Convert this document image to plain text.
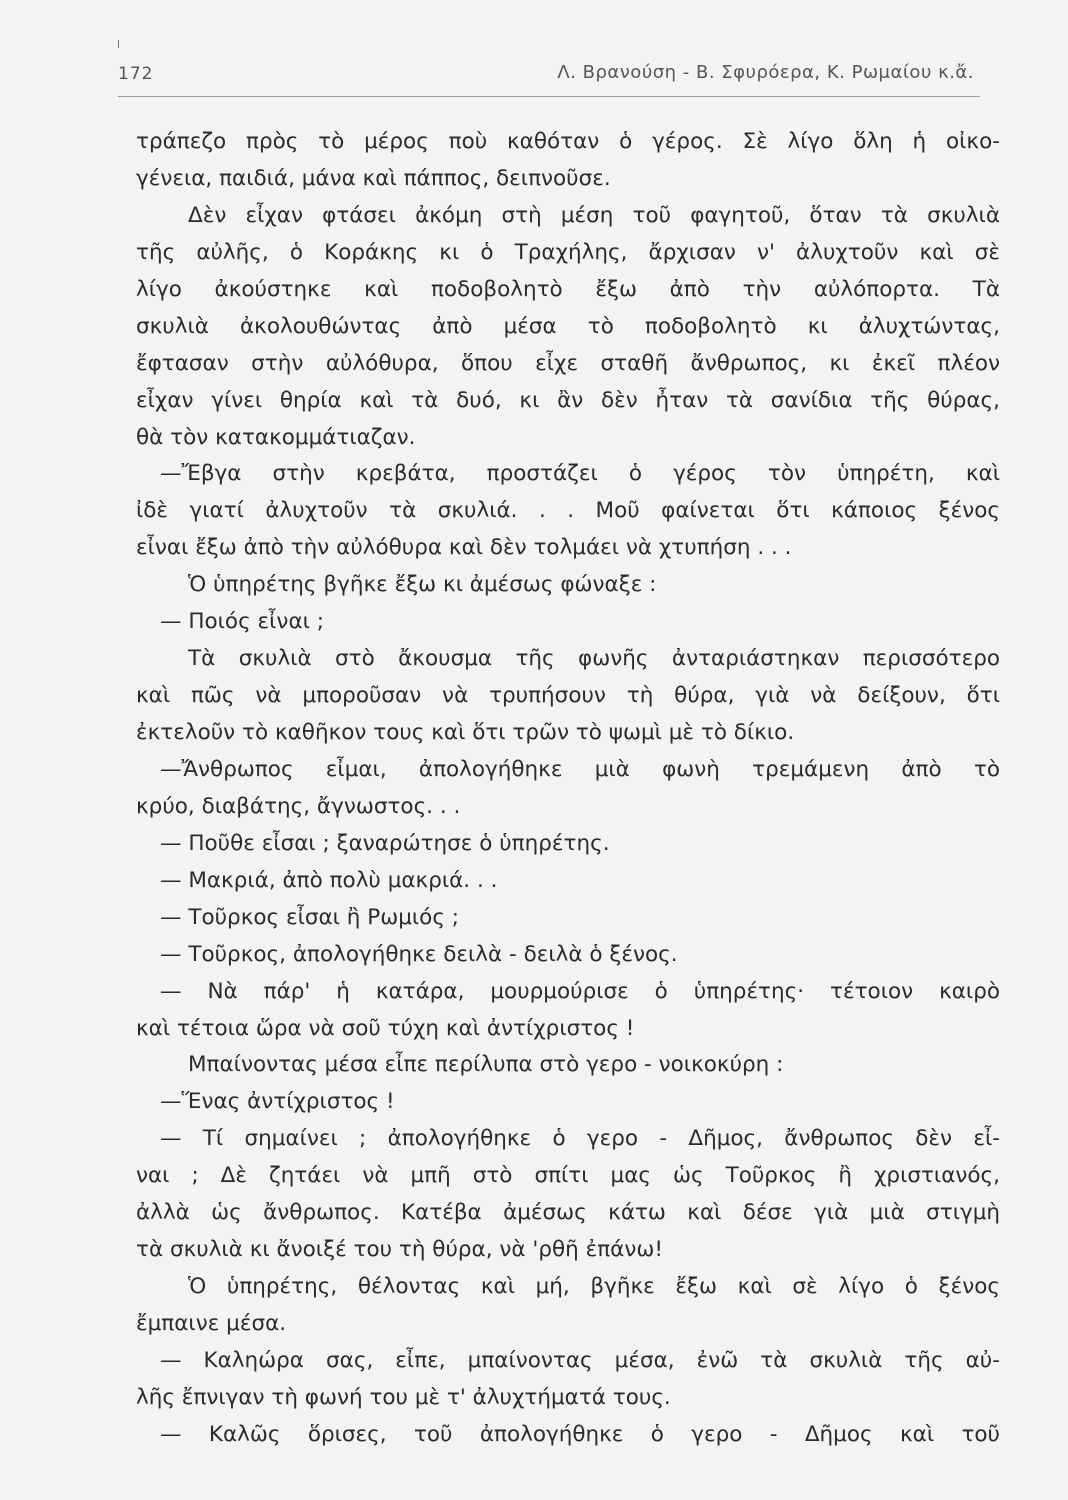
172	Λ. Βρανούση - Β. Σφυρόερα, Κ. Ρωμαίου κ.ἄ.
τράπεζο πρὸς τὸ μέρος ποὺ καθόταν ὁ γέρος. Σὲ λίγο ὅλη ἡ οἰκο-
γένεια, παιδιά, μάνα καὶ πάππος, δειπνοῦσε.
Δὲν εἶχαν φτάσει ἀκόμη στὴ μέση τοῦ φαγητοῦ, ὅταν τὰ σκυλιὰ
τῆς αὐλῆς, ὁ Κοράκης κι ὁ Τραχήλης, ἄρχισαν ν' ἀλυχτοῦν καὶ σὲ
λίγο ἀκούστηκε καὶ ποδοβολητὸ ἔξω ἀπὸ τὴν αὐλόπορτα. Τὰ
σκυλιὰ ἀκολουθώντας ἀπὸ μέσα τὸ ποδοβολητὸ κι ἀλυχτώντας,
ἔφτασαν στὴν αὐλόθυρα, ὅπου εἶχε σταθῆ ἄνθρωπος, κι ἐκεῖ πλέον
εἶχαν γίνει θηρία καὶ τὰ δυό, κι ἂν δὲν ἦταν τὰ σανίδια τῆς θύρας,
θὰ τὸν κατακομμάτιαζαν.
—Ἔβγα στὴν κρεβάτα, προστάζει ὁ γέρος τὸν ὑπηρέτη, καὶ
ἰδὲ γιατί ἀλυχτοῦν τὰ σκυλιά. . . Μοῦ φαίνεται ὅτι κάποιος ξένος
εἶναι ἔξω ἀπὸ τὴν αὐλόθυρα καὶ δὲν τολμάει νὰ χτυπήση . . .
Ὁ ὑπηρέτης βγῆκε ἔξω κι ἀμέσως φώναξε :
— Ποιός εἶναι ;
Τὰ σκυλιὰ στὸ ἄκουσμα τῆς φωνῆς ἀνταριάστηκαν περισσότερο
καὶ πῶς νὰ μποροῦσαν νὰ τρυπήσουν τὴ θύρα, γιὰ νὰ δείξουν, ὅτι
ἐκτελοῦν τὸ καθῆκον τους καὶ ὅτι τρῶν τὸ ψωμὶ μὲ τὸ δίκιο.
—Ἄνθρωπος εἶμαι, ἀπολογήθηκε μιὰ φωνὴ τρεμάμενη ἀπὸ τὸ
κρύο, διαβάτης, ἄγνωστος. . .
— Ποῦθε εἶσαι ; ξαναρώτησε ὁ ὑπηρέτης.
— Μακριά, ἀπὸ πολὺ μακριά. . .
— Τοῦρκος εἶσαι ἢ Ρωμιός ;
— Τοῦρκος, ἀπολογήθηκε δειλὰ - δειλὰ ὁ ξένος.
— Νὰ πάρ' ἡ κατάρα, μουρμούρισε ὁ ὑπηρέτης· τέτοιον καιρὸ
καὶ τέτοια ὥρα νὰ σοῦ τύχη καὶ ἀντίχριστος !
Μπαίνοντας μέσα εἶπε περίλυπα στὸ γερο - νοικοκύρη :
—Ἕνας ἀντίχριστος !
— Τί σημαίνει ; ἀπολογήθηκε ὁ γερο - Δῆμος, ἄνθρωπος δὲν εἶ-
ναι ; Δὲ ζητάει νὰ μπῆ στὸ σπίτι μας ὡς Τοῦρκος ἢ χριστιανός,
ἀλλὰ ὡς ἄνθρωπος. Κατέβα ἀμέσως κάτω καὶ δέσε γιὰ μιὰ στιγμὴ
τὰ σκυλιὰ κι ἄνοιξέ του τὴ θύρα, νὰ 'ρθῆ ἐπάνω!
Ὁ ὑπηρέτης, θέλοντας καὶ μή, βγῆκε ἔξω καὶ σὲ λίγο ὁ ξένος
ἔμπαινε μέσα.
— Καληώρα σας, εἶπε, μπαίνοντας μέσα, ἐνῶ τὰ σκυλιὰ τῆς αὐ-
λῆς ἔπνιγαν τὴ φωνή του μὲ τ' ἀλυχτήματά τους.
— Καλῶς ὅρισες, τοῦ ἀπολογήθηκε ὁ γερο - Δῆμος καὶ τοῦ
